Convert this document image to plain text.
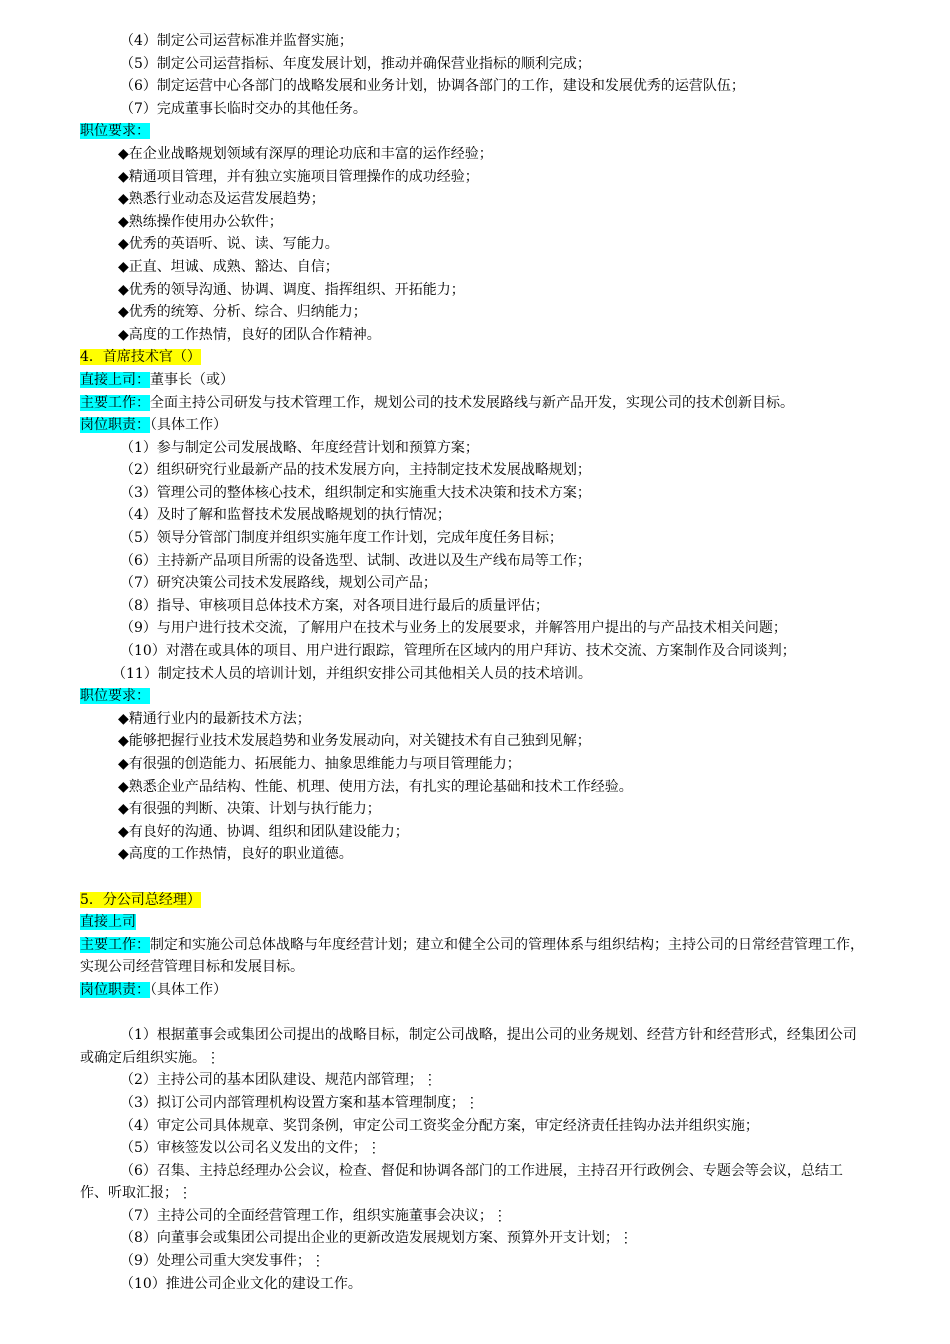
（4）制定公司运营标准并监督实施；

（5）制定公司运营指标、年度发展计划，推动并确保营业指标的顺利完成；

（6）制定运营中心各部门的战略发展和业务计划，协调各部门的工作，建设和发展优秀的运营队伍；

（7）完成董事长临时交办的其他任务。

职位要求：

◆在企业战略规划领域有深厚的理论功底和丰富的运作经验；

◆精通项目管理，并有独立实施项目管理操作的成功经验；

◆熟悉行业动态及运营发展趋势；

◆熟练操作使用办公软件；

◆优秀的英语听、说、读、写能力。

◆正直、坦诚、成熟、豁达、自信；

◆优秀的领导沟通、协调、调度、指挥组织、开拓能力；

◆优秀的统筹、分析、综合、归纳能力；

◆高度的工作热情，良好的团队合作精神。

4．首席技术官（）

直接上司：董事长（或）

主要工作：全面主持公司研发与技术管理工作，规划公司的技术发展路线与新产品开发，实现公司的技术创新目标。

岗位职责：（具体工作）

（1）参与制定公司发展战略、年度经营计划和预算方案；

（2）组织研究行业最新产品的技术发展方向，主持制定技术发展战略规划；

（3）管理公司的整体核心技术，组织制定和实施重大技术决策和技术方案；

（4）及时了解和监督技术发展战略规划的执行情况；

（5）领导分管部门制度并组织实施年度工作计划，完成年度任务目标；

（6）主持新产品项目所需的设备选型、试制、改进以及生产线布局等工作；

（7）研究决策公司技术发展路线，规划公司产品；

（8）指导、审核项目总体技术方案，对各项目进行最后的质量评估；

（9）与用户进行技术交流，了解用户在技术与业务上的发展要求，并解答用户提出的与产品技术相关问题；

（10）对潜在或具体的项目、用户进行跟踪，管理所在区域内的用户拜访、技术交流、方案制作及合同谈判；

（11）制定技术人员的培训计划，并组织安排公司其他相关人员的技术培训。

职位要求：

◆精通行业内的最新技术方法；

◆能够把握行业技术发展趋势和业务发展动向，对关键技术有自己独到见解；

◆有很强的创造能力、拓展能力、抽象思维能力与项目管理能力；

◆熟悉企业产品结构、性能、机理、使用方法，有扎实的理论基础和技术工作经验。

◆有很强的判断、决策、计划与执行能力；

◆有良好的沟通、协调、组织和团队建设能力；

◆高度的工作热情，良好的职业道德。

5．分公司总经理）

直接上司

主要工作：制定和实施公司总体战略与年度经营计划；建立和健全公司的管理体系与组织结构；主持公司的日常经营管理工作，实现公司经营管理目标和发展目标。

岗位职责：（具体工作）

（1）根据董事会或集团公司提出的战略目标，制定公司战略，提出公司的业务规划、经营方针和经营形式，经集团公司或确定后组织实施。⋮

（2）主持公司的基本团队建设、规范内部管理；⋮

（3）拟订公司内部管理机构设置方案和基本管理制度；⋮

（4）审定公司具体规章、奖罚条例，审定公司工资奖金分配方案，审定经济责任挂钩办法并组织实施；

（5）审核签发以公司名义发出的文件；⋮

（6）召集、主持总经理办公会议，检查、督促和协调各部门的工作进展，主持召开行政例会、专题会等会议，总结工作、听取汇报；⋮

（7）主持公司的全面经营管理工作，组织实施董事会决议；⋮

（8）向董事会或集团公司提出企业的更新改造发展规划方案、预算外开支计划；⋮

（9）处理公司重大突发事件；⋮

（10）推进公司企业文化的建设工作。
